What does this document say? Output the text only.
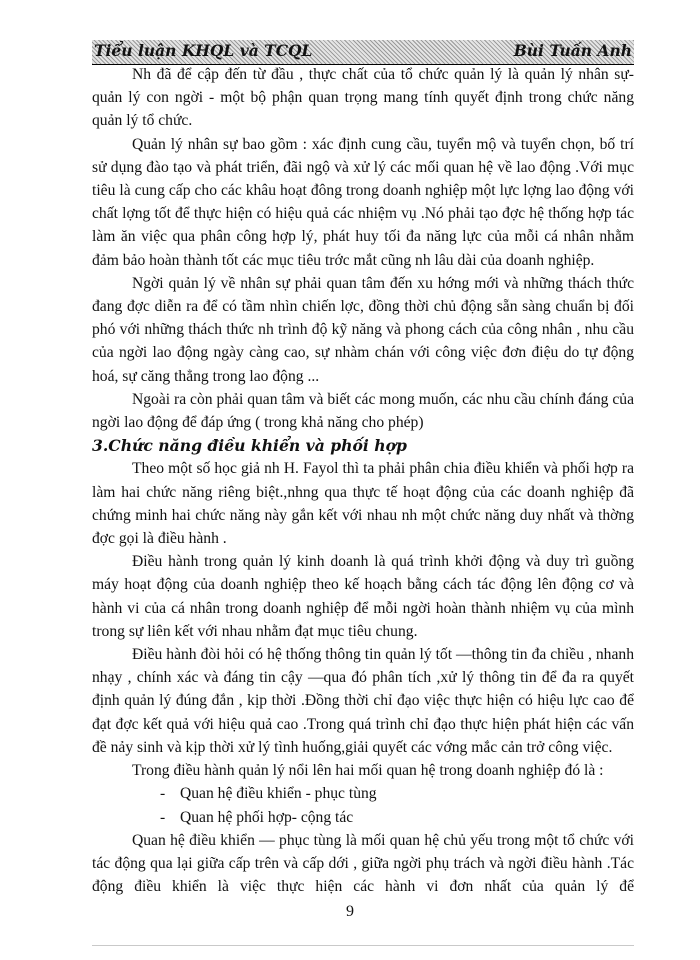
Tiểu luận KHQL và TCQL	Bùi Tuấn Anh

Nh đã để cập đến từ đầu , thực chất của tổ chức quản lý là quản lý nhân sự- quản lý con ngời - một bộ phận quan trọng mang tính quyết định trong chức năng quản lý tổ chức.

Quản lý nhân sự bao gồm : xác định cung cầu, tuyển mộ và tuyển chọn, bố trí sử dụng đào tạo và phát triển, đãi ngộ và xử lý các mối quan hệ về lao động .Với mục tiêu là cung cấp cho các khâu hoạt đông trong doanh nghiệp một lực lợng lao động với chất lợng tốt để thực hiện có hiệu quả các nhiệm vụ .Nó phải tạo đợc hệ thống hợp tác làm ăn việc qua phân công hợp lý, phát huy tối đa năng lực của mỗi cá nhân nhằm đảm bảo hoàn thành tốt các mục tiêu trớc mắt cũng nh lâu dài của doanh nghiệp.

Ngời quản lý về nhân sự phải quan tâm đến xu hớng mới và những thách thức đang đợc diễn ra để có tầm nhìn chiến lợc, đồng thời chủ động sẵn sàng chuẩn bị đối phó với những thách thức nh trình độ kỹ năng và phong cách của công nhân , nhu cầu của ngời lao động ngày càng cao, sự nhàm chán với công việc đơn điệu do tự động hoá, sự căng thẳng trong lao động ...

Ngoài ra còn phải quan tâm và biết các mong muốn, các nhu cầu chính đáng của ngời lao động để đáp ứng ( trong khả năng cho phép)

3.Chức năng điều khiển và phối hợp

Theo một số học giả nh H. Fayol thì ta phải phân chia điều khiển và phối hợp ra làm hai chức năng riêng biệt.,nhng qua thực tế hoạt động của các doanh nghiệp đã chứng minh hai chức năng này gắn kết với nhau nh một chức năng duy nhất và thờng đợc gọi là điều hành .

Điều hành trong quản lý kinh doanh là quá trình khởi động và duy trì guồng máy hoạt động của doanh nghiệp theo kế hoạch bằng cách tác động lên động cơ và hành vi của cá nhân trong doanh nghiệp để mỗi ngời hoàn thành nhiệm vụ của mình trong sự liên kết với nhau nhằm đạt mục tiêu chung.

Điều hành đòi hỏi có hệ thống thông tin quản lý tốt —thông tin đa chiều , nhanh nhạy , chính xác và đáng tin cậy —qua đó phân tích ,xử lý thông tin để đa ra quyết định quản lý đúng đắn , kịp thời .Đồng thời chỉ đạo việc thực hiện có hiệu lực cao để đạt đợc kết quả với hiệu quả cao .Trong quá trình chỉ đạo thực hiện phát hiện các vấn đề nảy sinh và kịp thời xử lý tình huống,giải quyết các vớng mắc cản trở công việc.

Trong điều hành quản lý nổi lên hai mối quan hệ trong doanh nghiệp đó là :

- Quan hệ điều khiển - phục tùng
- Quan hệ phối hợp- cộng tác

Quan hệ điều khiển — phục tùng là mối quan hệ chủ yếu trong một tổ chức với tác động qua lại giữa cấp trên và cấp dới , giữa ngời phụ trách và ngời điều hành .Tác động điều khiển là việc thực hiện các hành vi đơn nhất của quản lý để

9
